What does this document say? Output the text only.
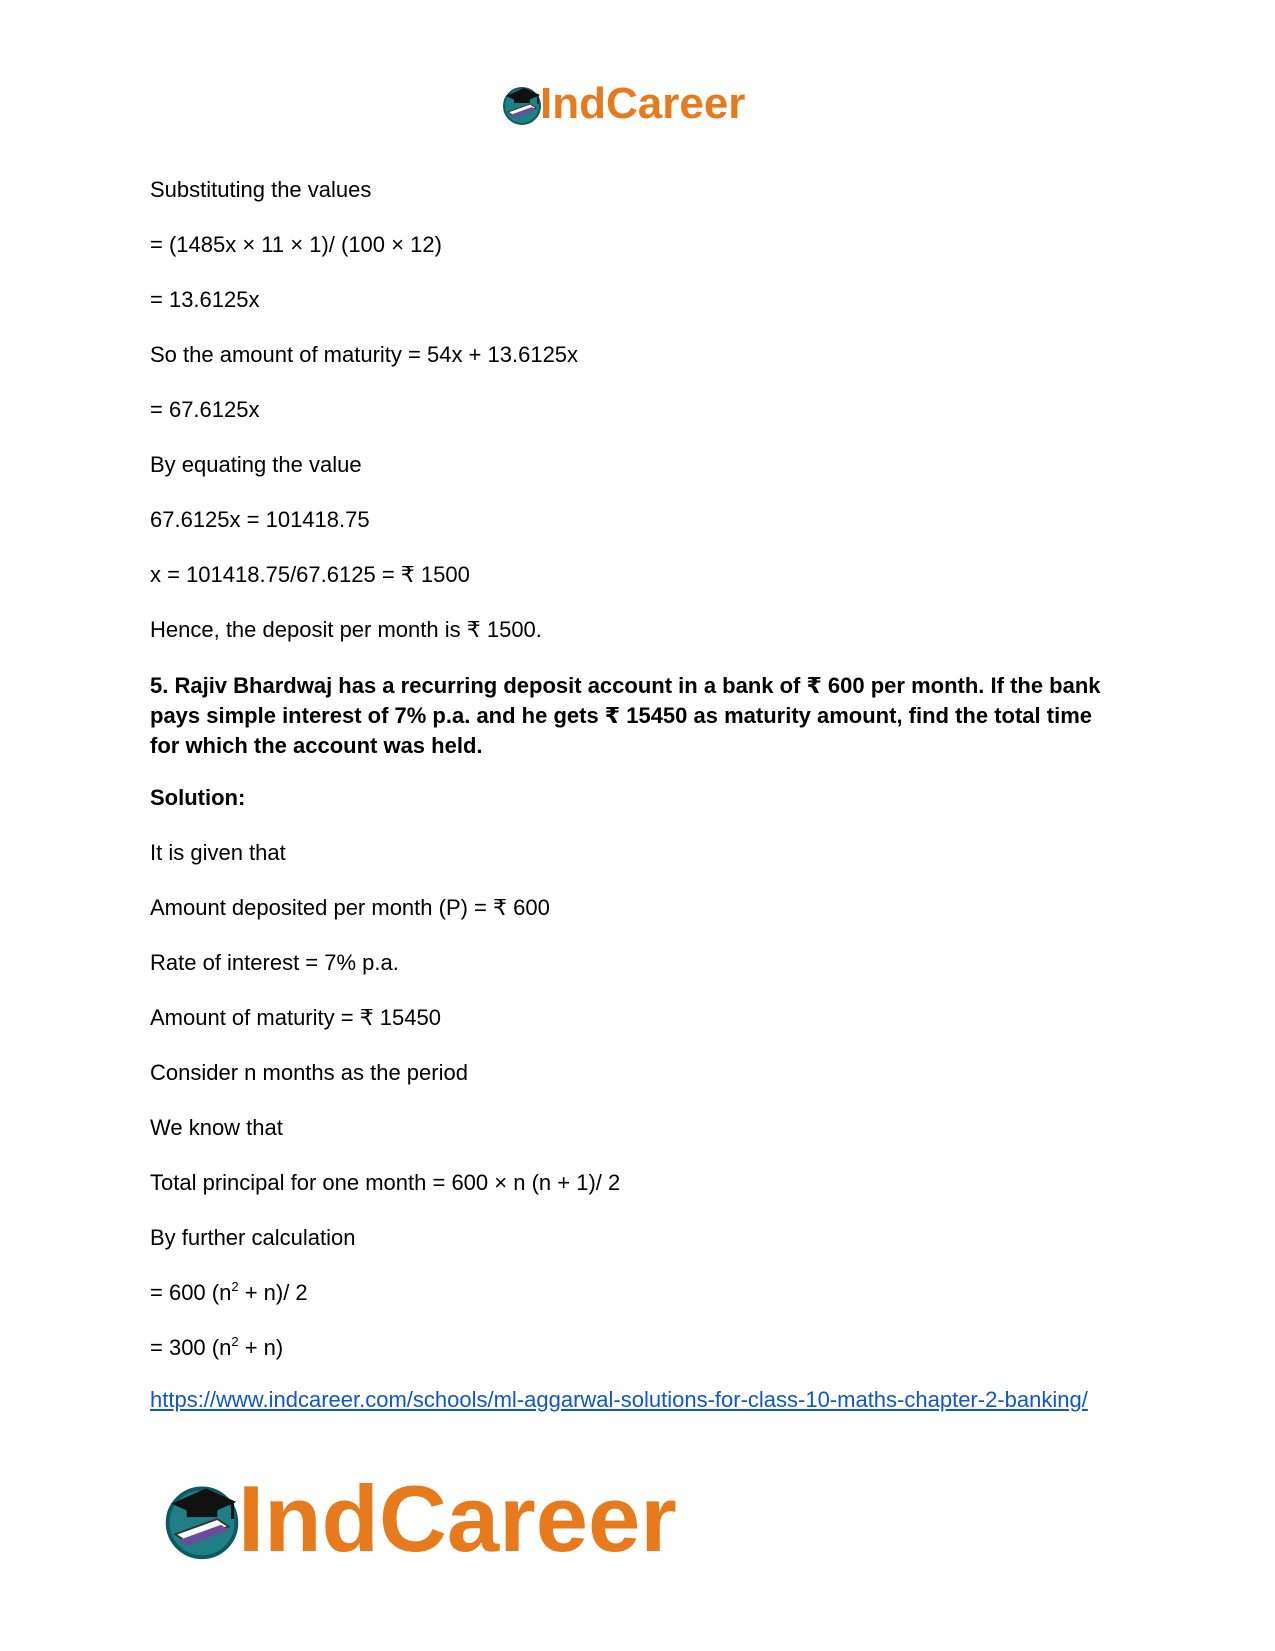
IndCareer

Substituting the values

= (1485x × 11 × 1)/ (100 × 12)

= 13.6125x

So the amount of maturity = 54x + 13.6125x

= 67.6125x

By equating the value

67.6125x = 101418.75

x = 101418.75/67.6125 = ₹ 1500

Hence, the deposit per month is ₹ 1500.

5. Rajiv Bhardwaj has a recurring deposit account in a bank of ₹ 600 per month. If the bank pays simple interest of 7% p.a. and he gets ₹ 15450 as maturity amount, find the total time for which the account was held.

Solution:

It is given that

Amount deposited per month (P) = ₹ 600

Rate of interest = 7% p.a.

Amount of maturity = ₹ 15450

Consider n months as the period

We know that

Total principal for one month = 600 × n (n + 1)/ 2

By further calculation

= 600 $(n^2 + n)/$ 2

= 300 $(n^2 + n)$

https://www.indcareer.com/schools/ml-aggarwal-solutions-for-class-10-maths-chapter-2-banking/
IndCareer
